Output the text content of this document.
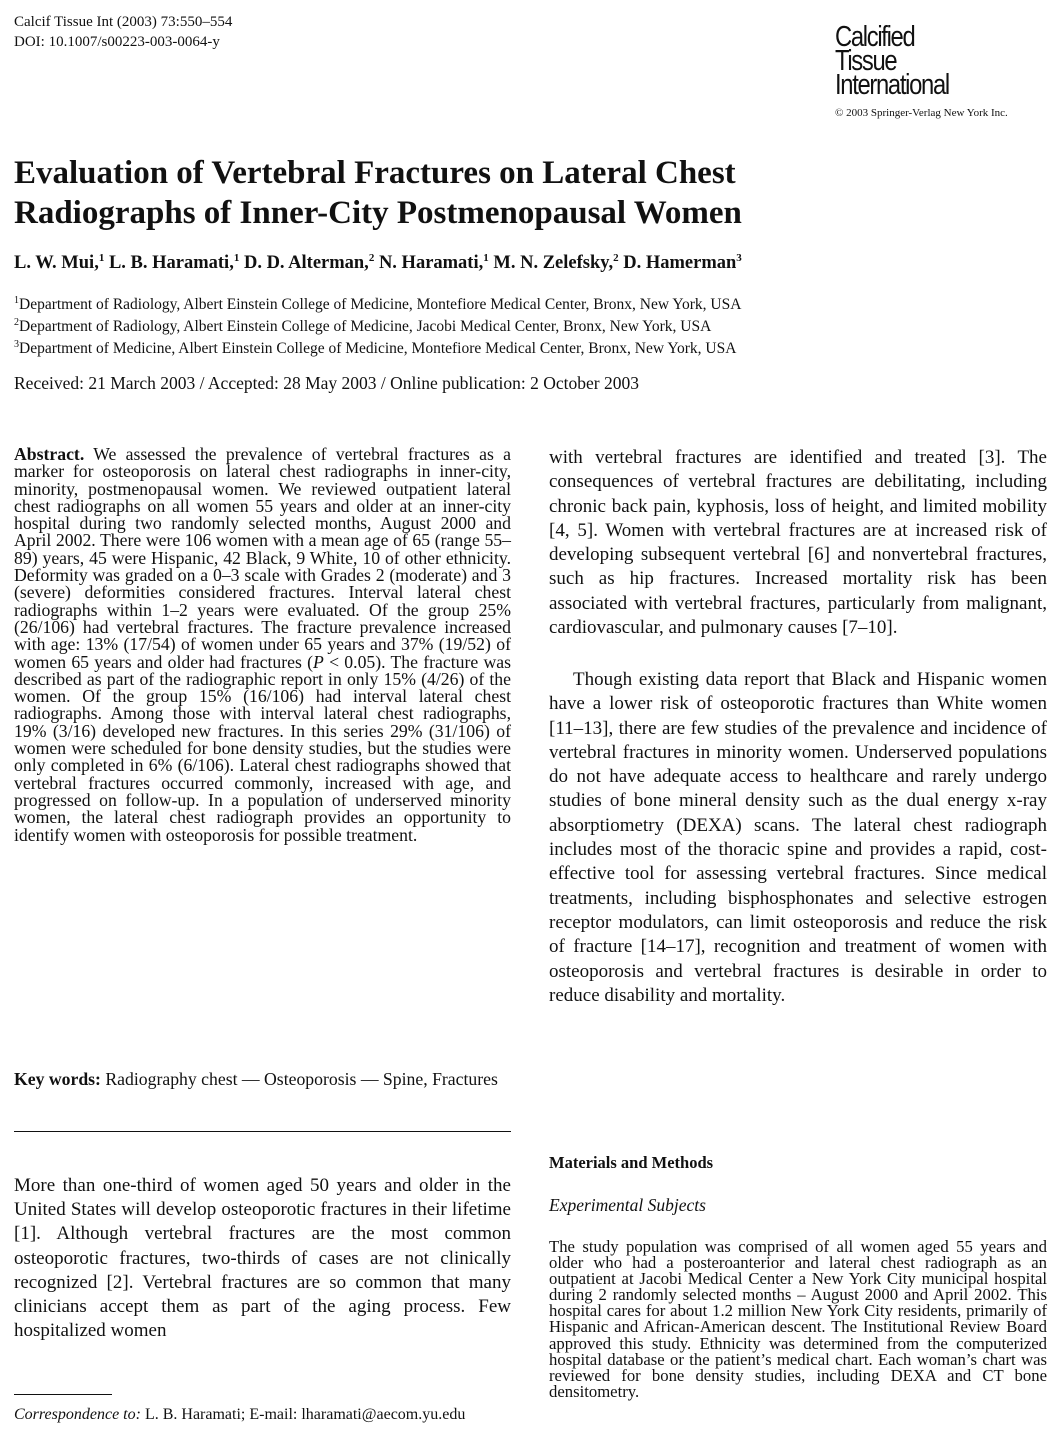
Calcif Tissue Int (2003) 73:550–554
DOI: 10.1007/s00223-003-0064-y	Calcified
Tissue
International
© 2003 Springer-Verlag New York Inc.
Evaluation of Vertebral Fractures on Lateral Chest
Radiographs of Inner-City Postmenopausal Women
L. W. Mui,$^1$ L. B. Haramati,$^1$ D. D. Alterman,$^2$ N. Haramati,$^1$ M. N. Zelefsky,$^2$ D. Hamerman$^3$
$^1$Department of Radiology, Albert Einstein College of Medicine, Montefiore Medical Center, Bronx, New York, USA
$^2$Department of Radiology, Albert Einstein College of Medicine, Jacobi Medical Center, Bronx, New York, USA
$^3$Department of Medicine, Albert Einstein College of Medicine, Montefiore Medical Center, Bronx, New York, USA
Received: 21 March 2003 / Accepted: 28 May 2003 / Online publication: 2 October 2003
Abstract. We assessed the prevalence of vertebral fractures as a marker for osteoporosis on lateral chest radiographs in inner-city, minority, postmenopausal women. We reviewed outpatient lateral chest radiographs on all women 55 years and older at an inner-city hospital during two randomly selected months, August 2000 and April 2002. There were 106 women with a mean age of 65 (range 55–89) years, 45 were Hispanic, 42 Black, 9 White, 10 of other ethnicity. Deformity was graded on a 0–3 scale with Grades 2 (moderate) and 3 (severe) deformities considered fractures. Interval lateral chest radiographs within 1–2 years were evaluated. Of the group 25% (26/106) had vertebral fractures. The fracture prevalence increased with age: 13% (17/54) of women under 65 years and 37% (19/52) of women 65 years and older had fractures (P < 0.05). The fracture was described as part of the radiographic report in only 15% (4/26) of the women. Of the group 15% (16/106) had interval lateral chest radiographs. Among those with interval lateral chest radiographs, 19% (3/16) developed new fractures. In this series 29% (31/106) of women were scheduled for bone density studies, but the studies were only completed in 6% (6/106). Lateral chest radiographs showed that vertebral fractures occurred commonly, increased with age, and progressed on follow-up. In a population of underserved minority women, the lateral chest radiograph provides an opportunity to identify women with osteoporosis for possible treatment.
Key words: Radiography chest — Osteoporosis — Spine, Fractures
More than one-third of women aged 50 years and older in the United States will develop osteoporotic fractures in their lifetime [1]. Although vertebral fractures are the most common osteoporotic fractures, two-thirds of cases are not clinically recognized [2]. Vertebral fractures are so common that many clinicians accept them as part of the aging process. Few hospitalized women
Correspondence to: L. B. Haramati; E-mail: lharamati@aecom.yu.edu
with vertebral fractures are identified and treated [3]. The consequences of vertebral fractures are debilitating, including chronic back pain, kyphosis, loss of height, and limited mobility [4, 5]. Women with vertebral fractures are at increased risk of developing subsequent vertebral [6] and nonvertebral fractures, such as hip fractures. Increased mortality risk has been associated with vertebral fractures, particularly from malignant, cardiovascular, and pulmonary causes [7–10].
Though existing data report that Black and Hispanic women have a lower risk of osteoporotic fractures than White women [11–13], there are few studies of the prevalence and incidence of vertebral fractures in minority women. Underserved populations do not have adequate access to healthcare and rarely undergo studies of bone mineral density such as the dual energy x-ray absorptiometry (DEXA) scans. The lateral chest radiograph includes most of the thoracic spine and provides a rapid, cost-effective tool for assessing vertebral fractures. Since medical treatments, including bisphosphonates and selective estrogen receptor modulators, can limit osteoporosis and reduce the risk of fracture [14–17], recognition and treatment of women with osteoporosis and vertebral fractures is desirable in order to reduce disability and mortality.
Materials and Methods
Experimental Subjects
The study population was comprised of all women aged 55 years and older who had a posteroanterior and lateral chest radiograph as an outpatient at Jacobi Medical Center a New York City municipal hospital during 2 randomly selected months – August 2000 and April 2002. This hospital cares for about 1.2 million New York City residents, primarily of Hispanic and African-American descent. The Institutional Review Board approved this study. Ethnicity was determined from the computerized hospital database or the patient’s medical chart. Each woman’s chart was reviewed for bone density studies, including DEXA and CT bone densitometry.
